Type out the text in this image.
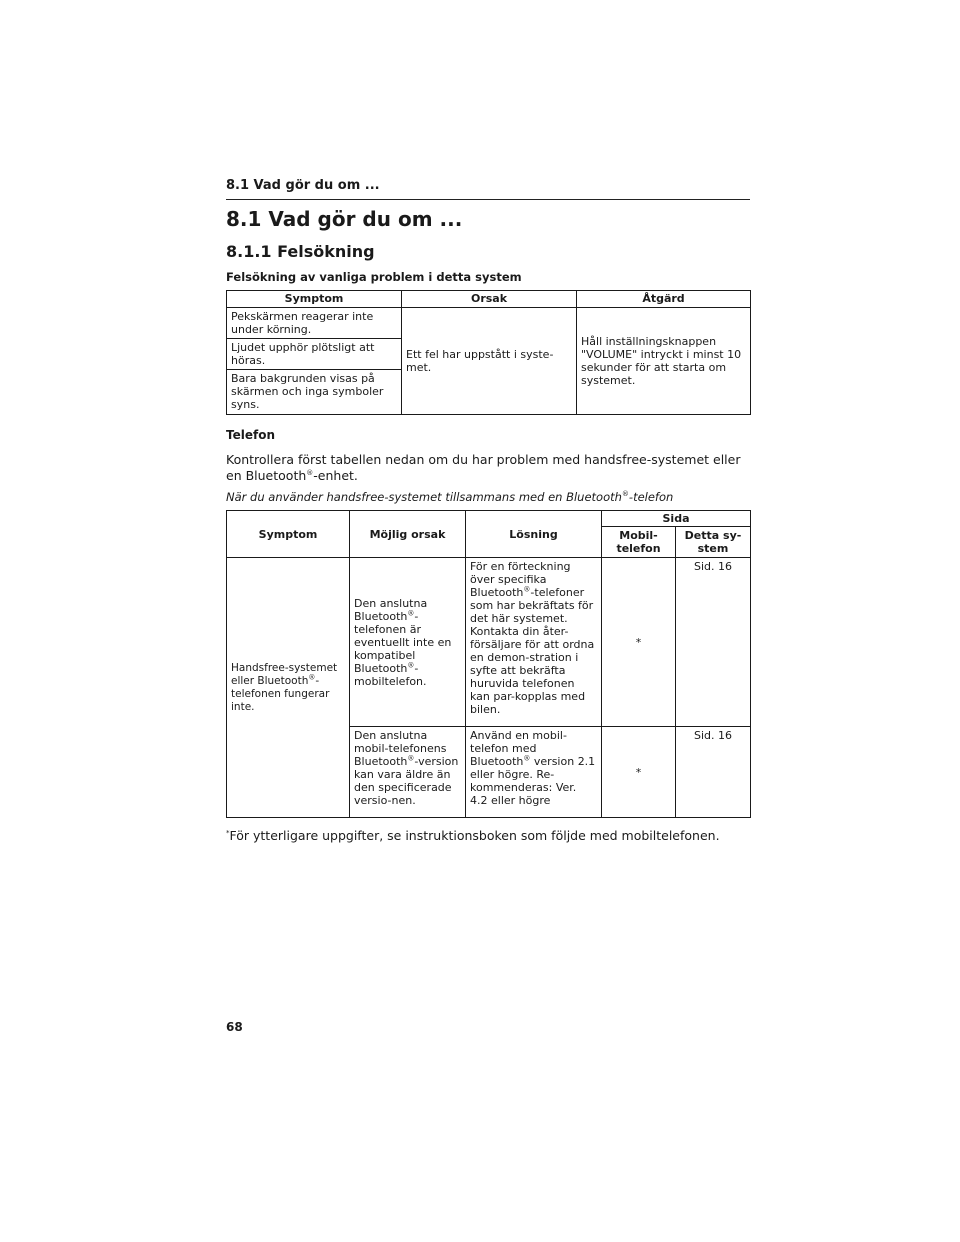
8.1 Vad gör du om ...
8.1 Vad gör du om ...
8.1.1 Felsökning
Felsökning av vanliga problem i detta system
Symptom	Orsak	Åtgärd
Pekskärmen reagerar inte under körning.	Ett fel har uppstått i syste-met.	Håll inställningsknappen "VOLUME" intryckt i minst 10 sekunder för att starta om systemet.
Ljudet upphör plötsligt att höras.		
Bara bakgrunden visas på skärmen och inga symboler syns.		
Telefon
Kontrollera först tabellen nedan om du har problem med handsfree-systemet eller en Bluetooth®-enhet.
När du använder handsfree-systemet tillsammans med en Bluetooth®-telefon
Symptom	Möjlig orsak	Lösning	Sida	
			Mobil-telefon	Detta sy-stem
Handsfree-systemet eller Bluetooth®-telefonen fungerar inte.	Den anslutna Bluetooth®-telefonen är eventuellt inte en kompatibel Bluetooth®-mobiltelefon.	För en förteckning över specifika Bluetooth®-telefoner som har bekräftats för det här systemet. Kontakta din åter-försäljare för att ordna en demon-stration i syfte att bekräfta huruvida telefonen kan par-kopplas med bilen.	*	Sid. 16
	Den anslutna mobil-telefonens Bluetooth®-version kan vara äldre än den specificerade versio-nen.	Använd en mobil-telefon med Bluetooth® version 2.1 eller högre. Re-kommenderas: Ver. 4.2 eller högre	*	Sid. 16
*För ytterligare uppgifter, se instruktionsboken som följde med mobiltelefonen.
68
